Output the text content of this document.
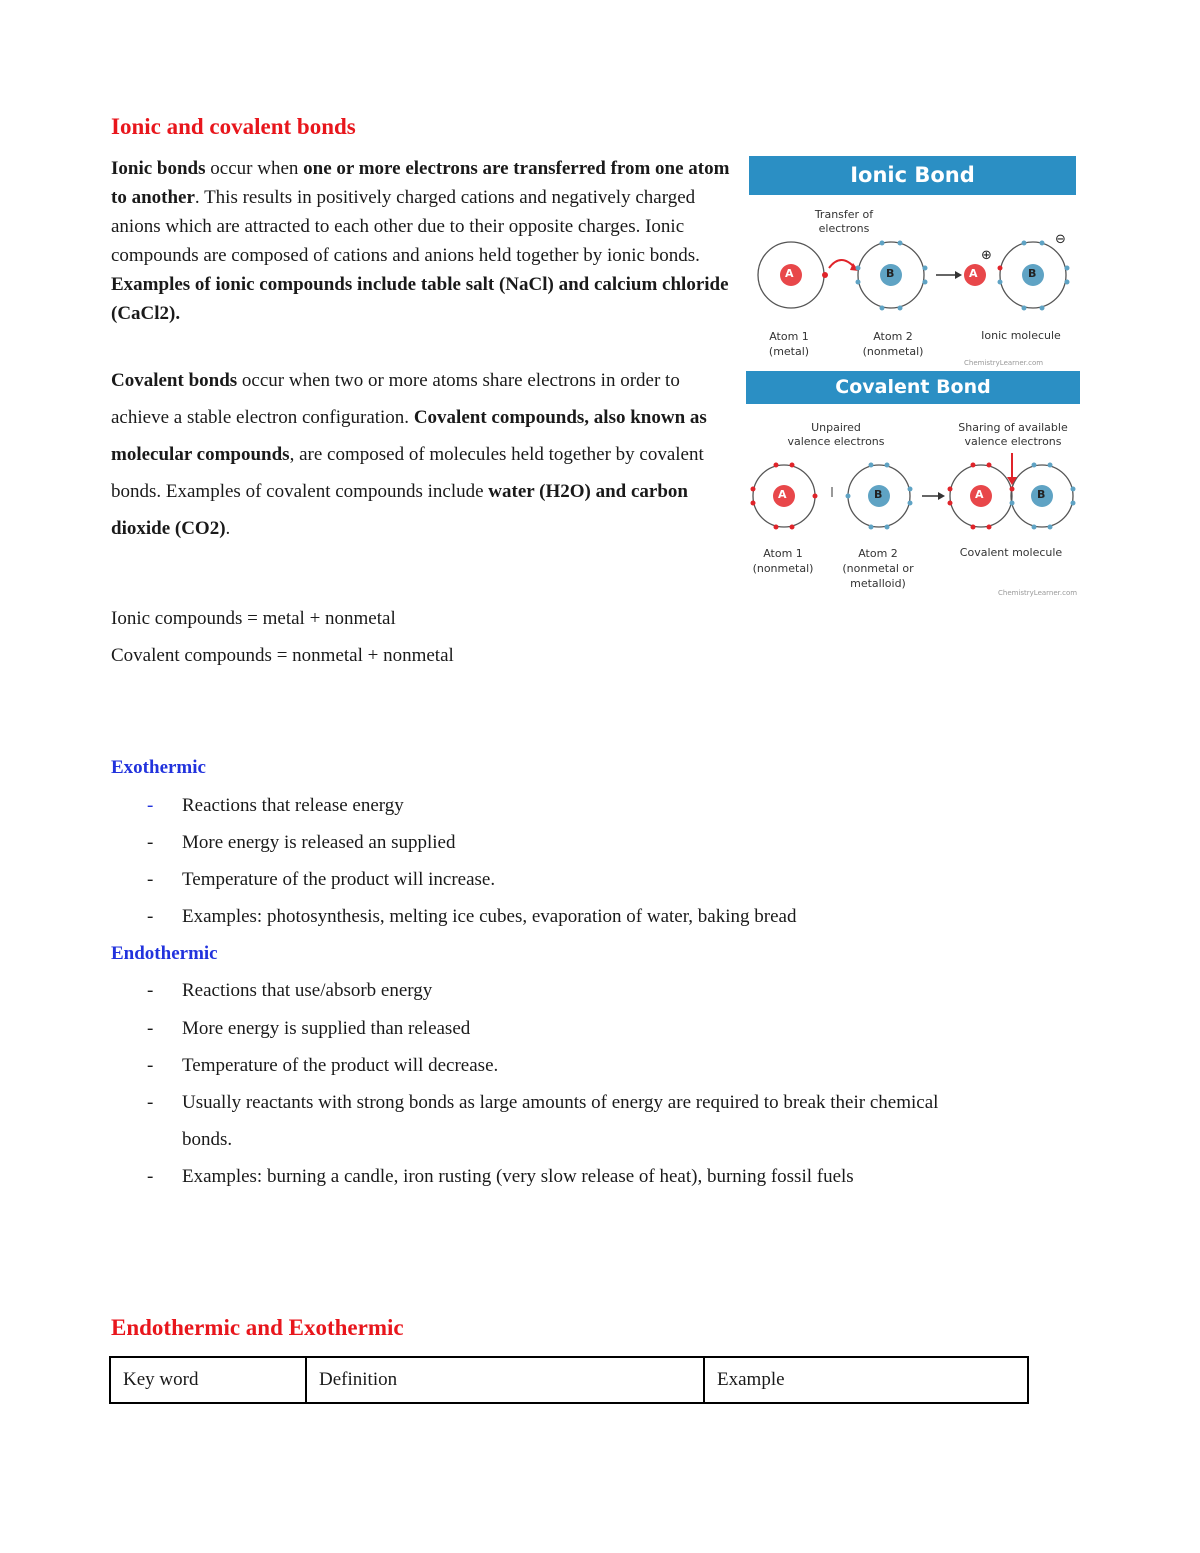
Ionic and covalent bonds
Ionic bonds occur when one or more electrons are transferred from one atom to another. This results in positively charged cations and negatively charged anions which are attracted to each other due to their opposite charges. Ionic compounds are composed of cations and anions held together by ionic bonds. Examples of ionic compounds include table salt (NaCl) and calcium chloride (CaCl2).
Covalent bonds occur when two or more atoms share electrons in order to achieve a stable electron configuration. Covalent compounds, also known as molecular compounds, are composed of molecules held together by covalent bonds. Examples of covalent compounds include water (H2O) and carbon dioxide (CO2).
Ionic compounds = metal + nonmetal
Covalent compounds = nonmetal + nonmetal
Ionic Bond
Transfer of
electrons
A	B	A	B
⊕
⊖
Atom 1
(metal)
Atom 2
(nonmetal)
Ionic molecule
ChemistryLearner.com
Covalent Bond
Unpaired
valence electrons
Sharing of available
valence electrons
A	B	A	B
Atom 1
(nonmetal)
Atom 2
(nonmetal or
metalloid)
Covalent molecule
ChemistryLearner.com
Exothermic
- Reactions that release energy
- More energy is released an supplied
- Temperature of the product will increase.
- Examples: photosynthesis, melting ice cubes, evaporation of water, baking bread
Endothermic
- Reactions that use/absorb energy
- More energy is supplied than released
- Temperature of the product will decrease.
- Usually reactants with strong bonds as large amounts of energy are required to break their chemical
bonds.
- Examples: burning a candle, iron rusting (very slow release of heat), burning fossil fuels
Endothermic and Exothermic
Key word	Definition	Example
